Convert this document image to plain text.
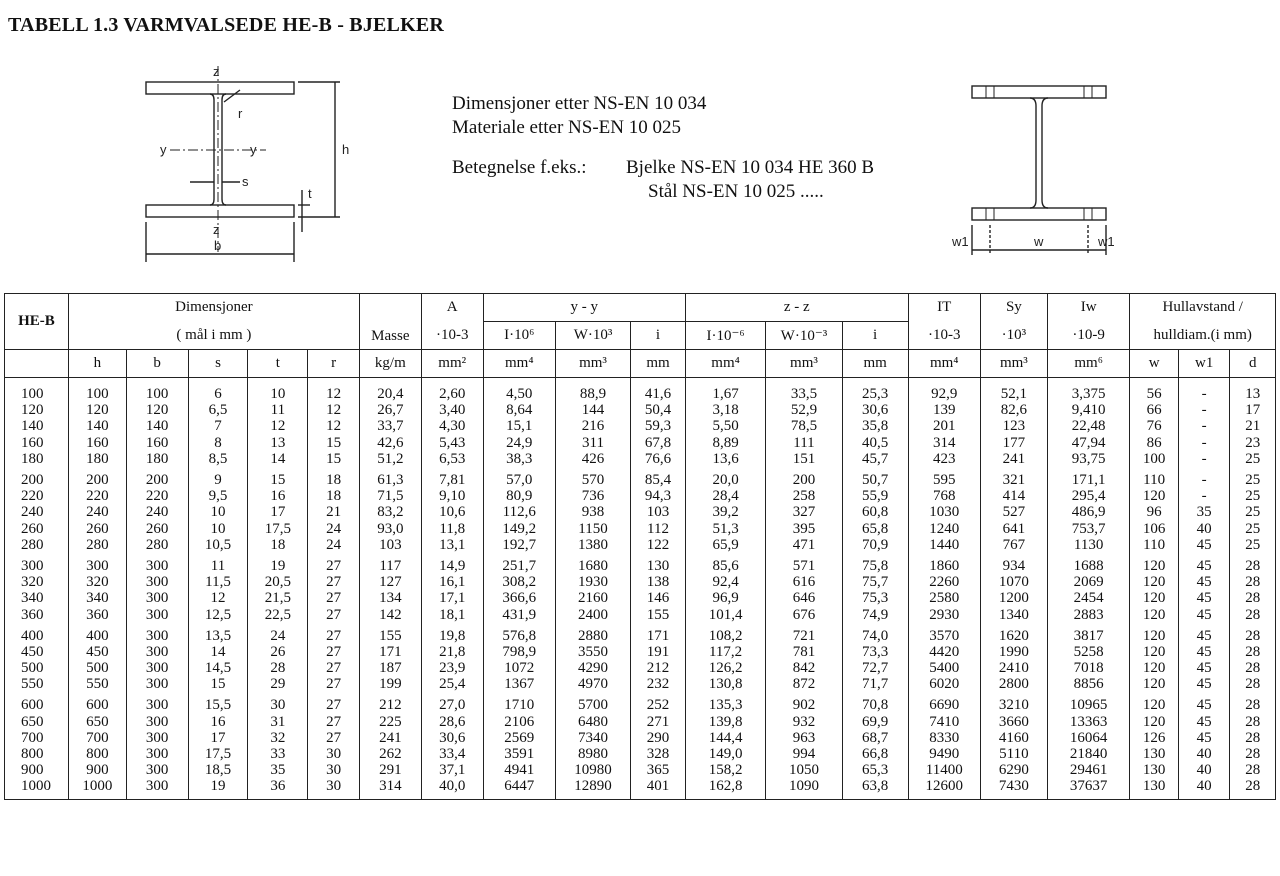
TABELL 1.3 VARMVALSEDE HE-B - BJELKER
z
z
y	y
r
s
h
t
b	w1	w	w1
Dimensjoner etter NS-EN 10 034
Materiale etter NS-EN 10 025
Betegnelse f.eks.:	Bjelke NS-EN 10 034 HE 360 B
Stål NS-EN 10 025 .....
HE-B	Dimensjoner					Masse	A	y - y			z - z			IT	Sy	Iw	Hullavstand /		
	( mål i mm )						·10-3	I·10⁶	W·10³	i	I·10⁻⁶	W·10⁻³	i	·10-3	·10³	·10-9	hulldiam.(i mm)		
	h	b	s	t	r	kg/m	mm²	mm⁴	mm³	mm	mm⁴	mm³	mm	mm⁴	mm³	mm⁶	w	w1	d
100	100	100	6	10	12	20,4	2,60	4,50	88,9	41,6	1,67	33,5	25,3	92,9	52,1	3,375	56	-	13
120	120	120	6,5	11	12	26,7	3,40	8,64	144	50,4	3,18	52,9	30,6	139	82,6	9,410	66	-	17
140	140	140	7	12	12	33,7	4,30	15,1	216	59,3	5,50	78,5	35,8	201	123	22,48	76	-	21
160	160	160	8	13	15	42,6	5,43	24,9	311	67,8	8,89	111	40,5	314	177	47,94	86	-	23
180	180	180	8,5	14	15	51,2	6,53	38,3	426	76,6	13,6	151	45,7	423	241	93,75	100	-	25
200	200	200	9	15	18	61,3	7,81	57,0	570	85,4	20,0	200	50,7	595	321	171,1	110	-	25
220	220	220	9,5	16	18	71,5	9,10	80,9	736	94,3	28,4	258	55,9	768	414	295,4	120	-	25
240	240	240	10	17	21	83,2	10,6	112,6	938	103	39,2	327	60,8	1030	527	486,9	96	35	25
260	260	260	10	17,5	24	93,0	11,8	149,2	1150	112	51,3	395	65,8	1240	641	753,7	106	40	25
280	280	280	10,5	18	24	103	13,1	192,7	1380	122	65,9	471	70,9	1440	767	1130	110	45	25
300	300	300	11	19	27	117	14,9	251,7	1680	130	85,6	571	75,8	1860	934	1688	120	45	28
320	320	300	11,5	20,5	27	127	16,1	308,2	1930	138	92,4	616	75,7	2260	1070	2069	120	45	28
340	340	300	12	21,5	27	134	17,1	366,6	2160	146	96,9	646	75,3	2580	1200	2454	120	45	28
360	360	300	12,5	22,5	27	142	18,1	431,9	2400	155	101,4	676	74,9	2930	1340	2883	120	45	28
400	400	300	13,5	24	27	155	19,8	576,8	2880	171	108,2	721	74,0	3570	1620	3817	120	45	28
450	450	300	14	26	27	171	21,8	798,9	3550	191	117,2	781	73,3	4420	1990	5258	120	45	28
500	500	300	14,5	28	27	187	23,9	1072	4290	212	126,2	842	72,7	5400	2410	7018	120	45	28
550	550	300	15	29	27	199	25,4	1367	4970	232	130,8	872	71,7	6020	2800	8856	120	45	28
600	600	300	15,5	30	27	212	27,0	1710	5700	252	135,3	902	70,8	6690	3210	10965	120	45	28
650	650	300	16	31	27	225	28,6	2106	6480	271	139,8	932	69,9	7410	3660	13363	120	45	28
700	700	300	17	32	27	241	30,6	2569	7340	290	144,4	963	68,7	8330	4160	16064	126	45	28
800	800	300	17,5	33	30	262	33,4	3591	8980	328	149,0	994	66,8	9490	5110	21840	130	40	28
900	900	300	18,5	35	30	291	37,1	4941	10980	365	158,2	1050	65,3	11400	6290	29461	130	40	28
1000	1000	300	19	36	30	314	40,0	6447	12890	401	162,8	1090	63,8	12600	7430	37637	130	40	28
